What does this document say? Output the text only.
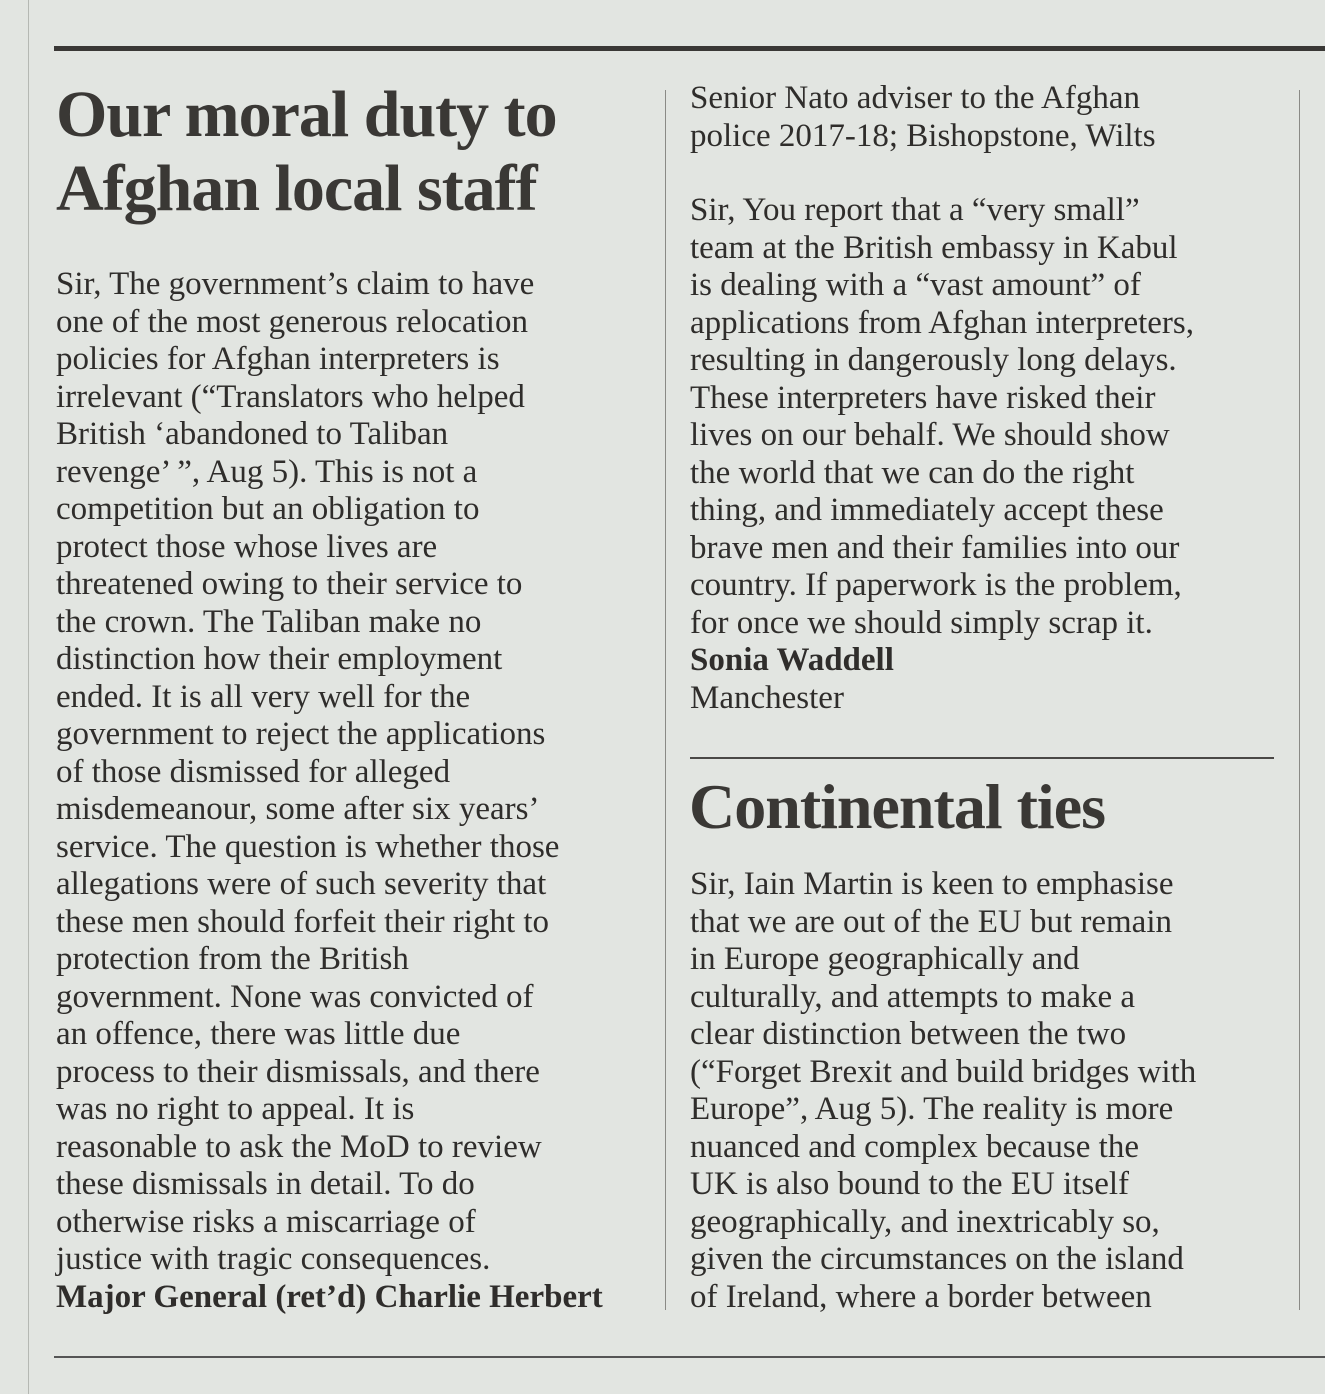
Our moral duty to
Afghan local staff
Sir, The government’s claim to have
one of the most generous relocation
policies for Afghan interpreters is
irrelevant (“Translators who helped
British ‘abandoned to Taliban
revenge’ ”, Aug 5). This is not a
competition but an obligation to
protect those whose lives are
threatened owing to their service to
the crown. The Taliban make no
distinction how their employment
ended. It is all very well for the
government to reject the applications
of those dismissed for alleged
misdemeanour, some after six years’
service. The question is whether those
allegations were of such severity that
these men should forfeit their right to
protection from the British
government. None was convicted of
an offence, there was little due
process to their dismissals, and there
was no right to appeal. It is
reasonable to ask the MoD to review
these dismissals in detail. To do
otherwise risks a miscarriage of
justice with tragic consequences.
Major General (ret’d) Charlie Herbert
Senior Nato adviser to the Afghan
police 2017-18; Bishopstone, Wilts
Sir, You report that a “very small”
team at the British embassy in Kabul
is dealing with a “vast amount” of
applications from Afghan interpreters,
resulting in dangerously long delays.
These interpreters have risked their
lives on our behalf. We should show
the world that we can do the right
thing, and immediately accept these
brave men and their families into our
country. If paperwork is the problem,
for once we should simply scrap it.
Sonia Waddell
Manchester
Continental ties
Sir, Iain Martin is keen to emphasise
that we are out of the EU but remain
in Europe geographically and
culturally, and attempts to make a
clear distinction between the two
(“Forget Brexit and build bridges with
Europe”, Aug 5). The reality is more
nuanced and complex because the
UK is also bound to the EU itself
geographically, and inextricably so,
given the circumstances on the island
of Ireland, where a border between
